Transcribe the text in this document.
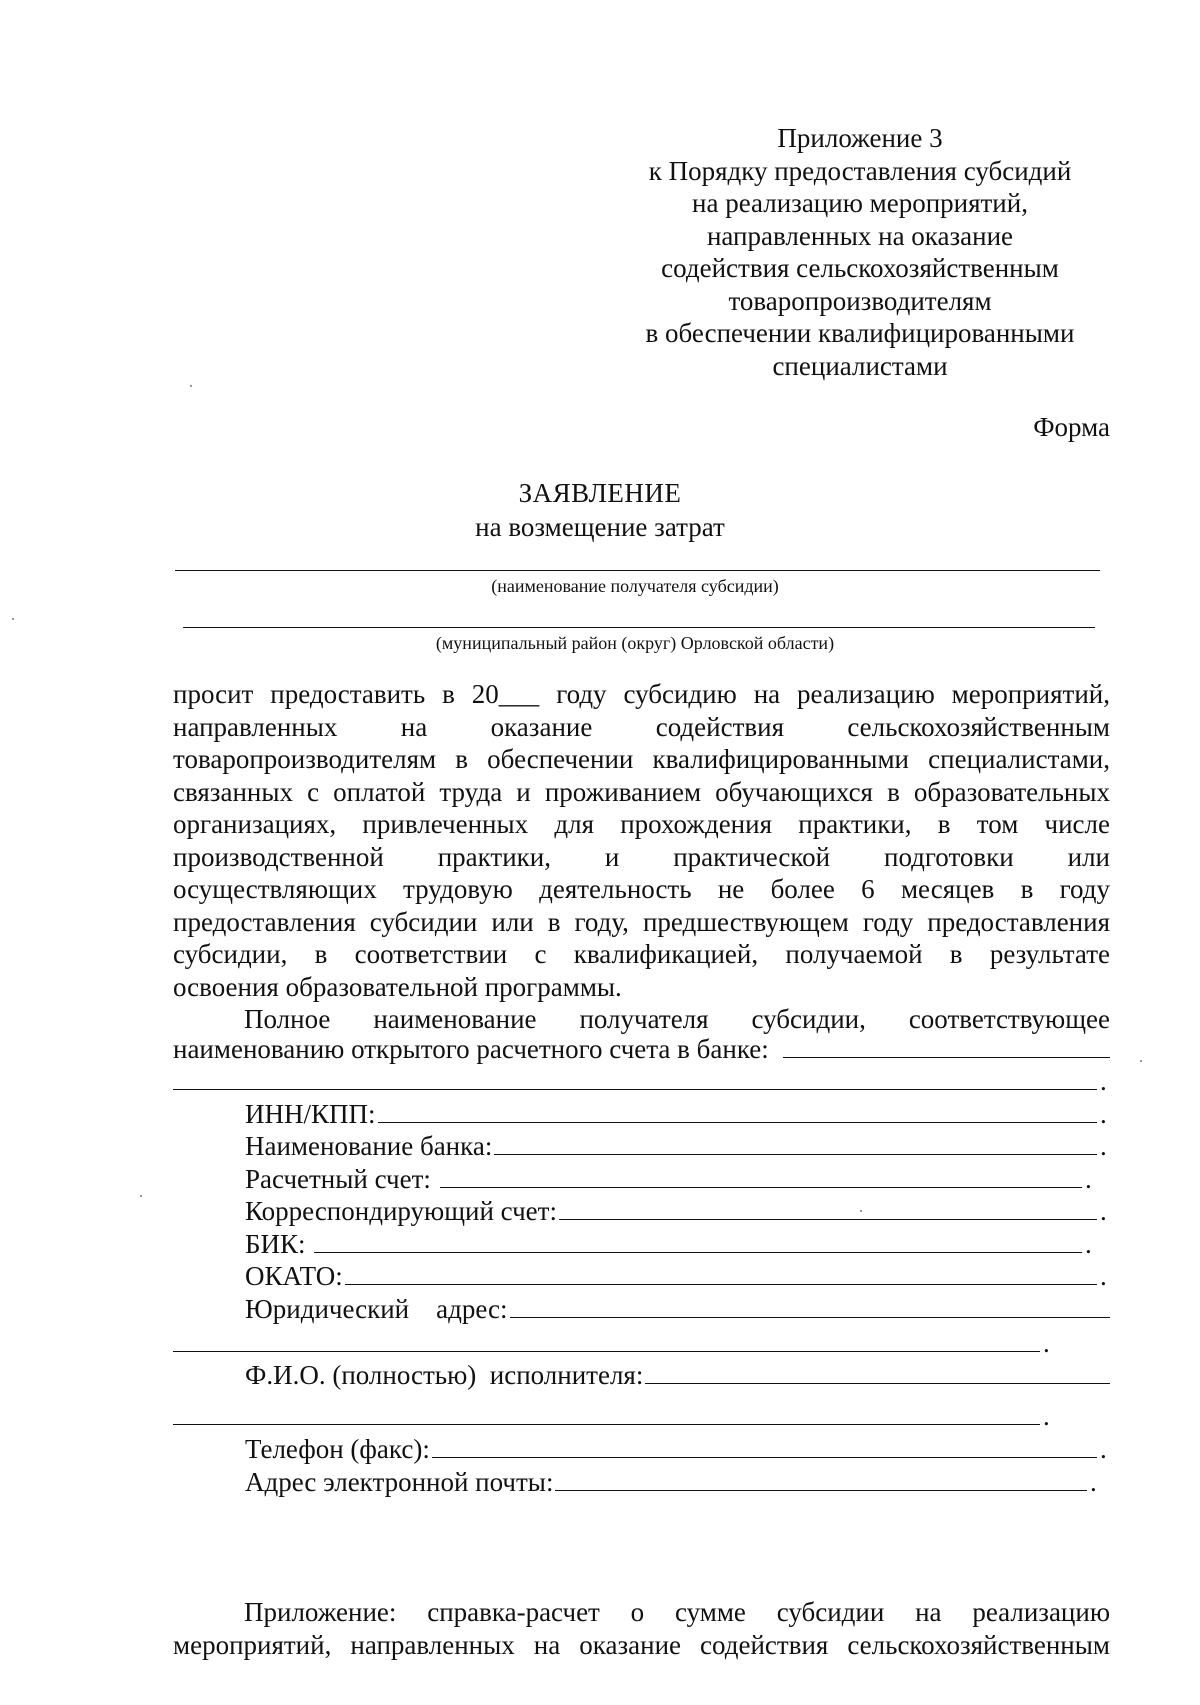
Приложение 3
к Порядку предоставления субсидий
на реализацию мероприятий,
направленных на оказание
содействия сельскохозяйственным
товаропроизводителям
в обеспечении квалифицированными
специалистами
Форма
ЗАЯВЛЕНИЕ
на возмещение затрат
(наименование получателя субсидии)
(муниципальный район (округ) Орловской области)
просит предоставить в 20___ году субсидию на реализацию мероприятий,
направленных на оказание содействия сельскохозяйственным
товаропроизводителям в обеспечении квалифицированными специалистами,
связанных с оплатой труда и проживанием обучающихся в образовательных
организациях, привлеченных для прохождения практики, в том числе
производственной практики, и практической подготовки или
осуществляющих трудовую деятельность не более 6 месяцев в году
предоставления субсидии или в году, предшествующем году предоставления
субсидии, в соответствии с квалификацией, получаемой в результате
освоения образовательной программы.
Полное наименование получателя субсидии, соответствующее
наименованию открытого расчетного счета в банке:
.
ИНН/КПП:	.
Наименование банка:	.
Расчетный счет:	.
Корреспондирующий счет:	.
БИК:	.
ОКАТО:	.
Юридический    адрес:
.
Ф.И.О. (полностью)  исполнителя:
.
Телефон (факс):	.
Адрес электронной почты:	.
Приложение: справка-расчет о сумме субсидии на реализацию
мероприятий, направленных на оказание содействия сельскохозяйственным
